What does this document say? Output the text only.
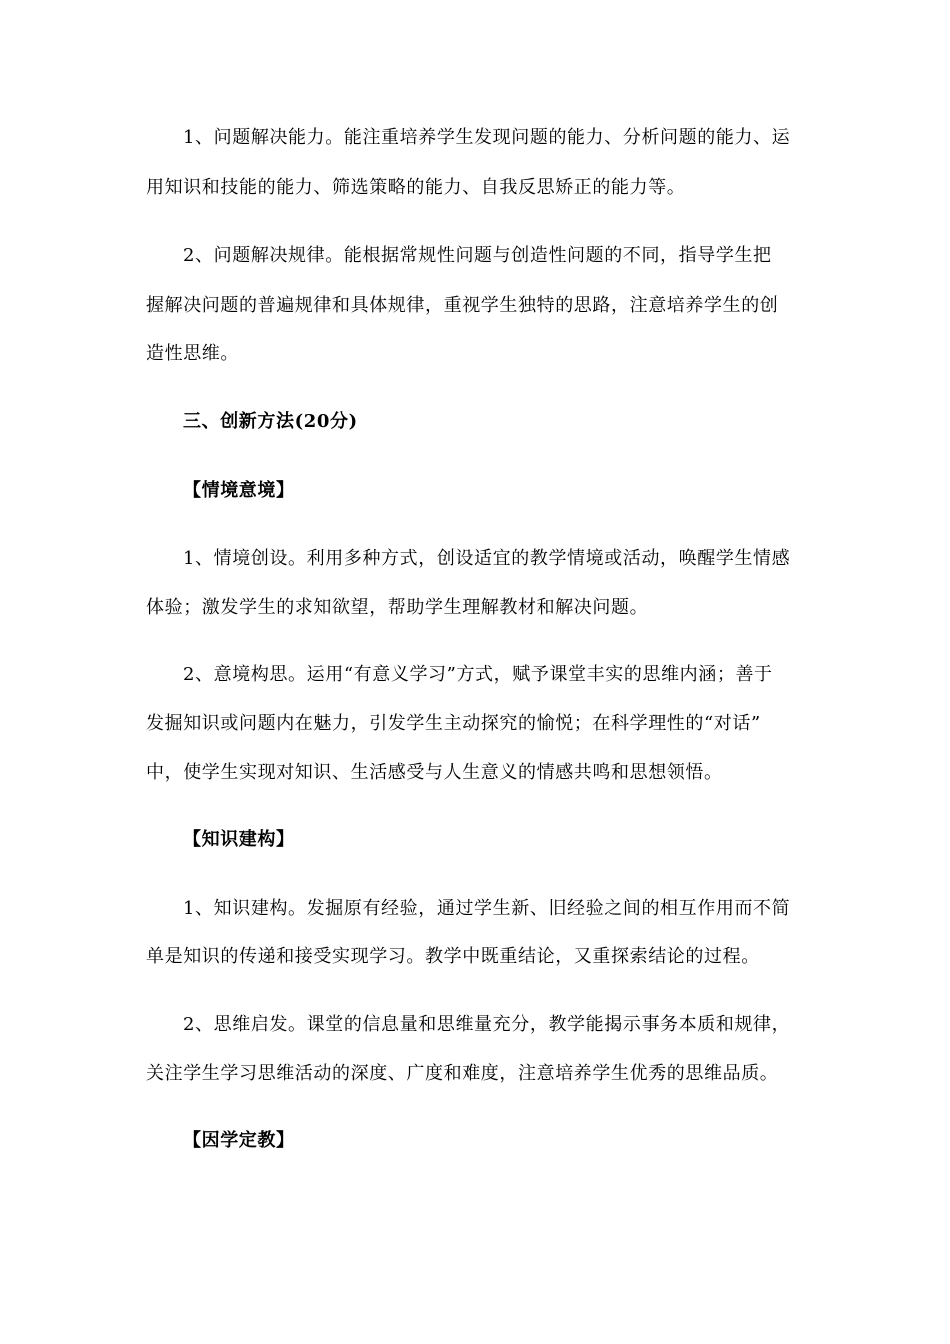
1、问题解决能力。能注重培养学生发现问题的能力、分析问题的能力、运
用知识和技能的能力、筛选策略的能力、自我反思矫正的能力等。
2、问题解决规律。能根据常规性问题与创造性问题的不同，指导学生把
握解决问题的普遍规律和具体规律，重视学生独特的思路，注意培养学生的创
造性思维。
三、创新方法(20分)
【情境意境】
1、情境创设。利用多种方式，创设适宜的教学情境或活动，唤醒学生情感
体验；激发学生的求知欲望，帮助学生理解教材和解决问题。
2、意境构思。运用“有意义学习”方式，赋予课堂丰实的思维内涵；善于
发掘知识或问题内在魅力，引发学生主动探究的愉悦；在科学理性的“对话”
中，使学生实现对知识、生活感受与人生意义的情感共鸣和思想领悟。
【知识建构】
1、知识建构。发掘原有经验，通过学生新、旧经验之间的相互作用而不简
单是知识的传递和接受实现学习。教学中既重结论，又重探索结论的过程。
2、思维启发。课堂的信息量和思维量充分，教学能揭示事务本质和规律，
关注学生学习思维活动的深度、广度和难度，注意培养学生优秀的思维品质。
【因学定教】
